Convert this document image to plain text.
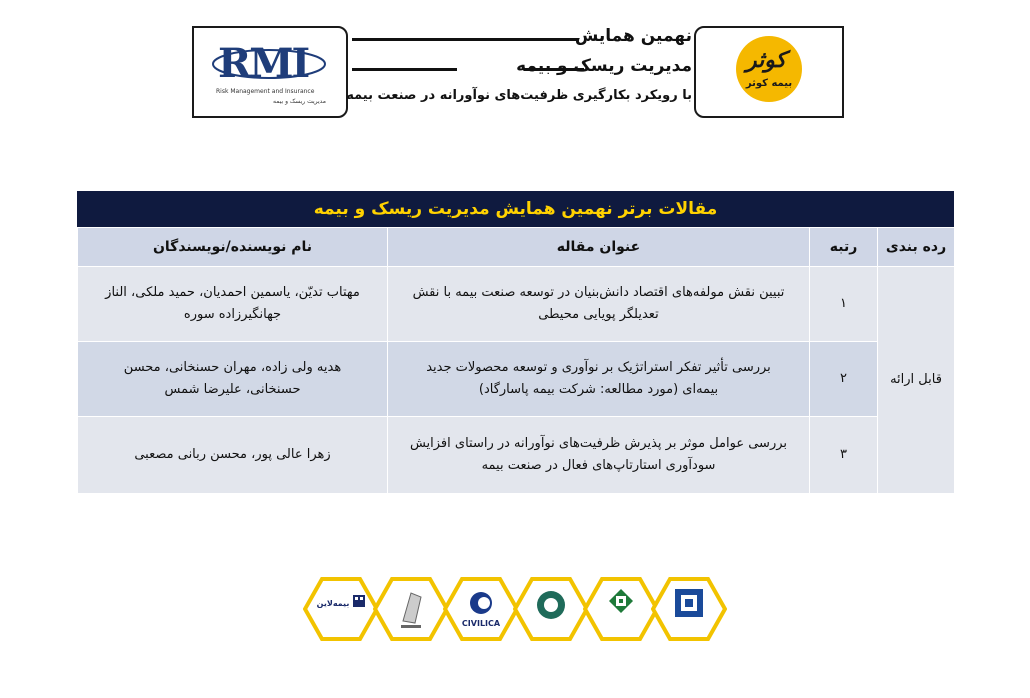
RMI
Risk Management and Insurance
مدیریت ریسک و بیمه
نهمین همایش
مدیریت ریسک و بیمه
با رویکرد بکارگیری ظرفیت‌های نوآورانه در صنعت بیمه
کوثر
بیمه کوثر
مقالات برتر نهمین همایش مدیریت ریسک و بیمه
رده بندی	رتبه	عنوان مقاله	نام نویسنده/نویسندگان
قابل ارائه	۱	تبیین نقش مولفه‌های اقتصاد دانش‌بنیان در توسعه صنعت بیمه با نقش تعدیلگر پویایی محیطی	مهتاب تدیّن، یاسمین احمدیان، حمید ملکی، الناز جهانگیرزاده سوره
	۲	بررسی تأثیر تفکر استراتژیک بر نوآوری و توسعه محصولات جدید بیمه‌ای (مورد مطالعه: شرکت بیمه پاسارگاد)	هدیه ولی زاده، مهران حسنخانی، محسن حسنخانی، علیرضا شمس
	۳	بررسی عوامل موثر بر پذیرش ظرفیت‌های نوآورانه در راستای افزایش سودآوری استارتاپ‌های فعال در صنعت بیمه	زهرا عالی پور، محسن ربانی مصعبی
بیمه‌لاین
CIVILICA
